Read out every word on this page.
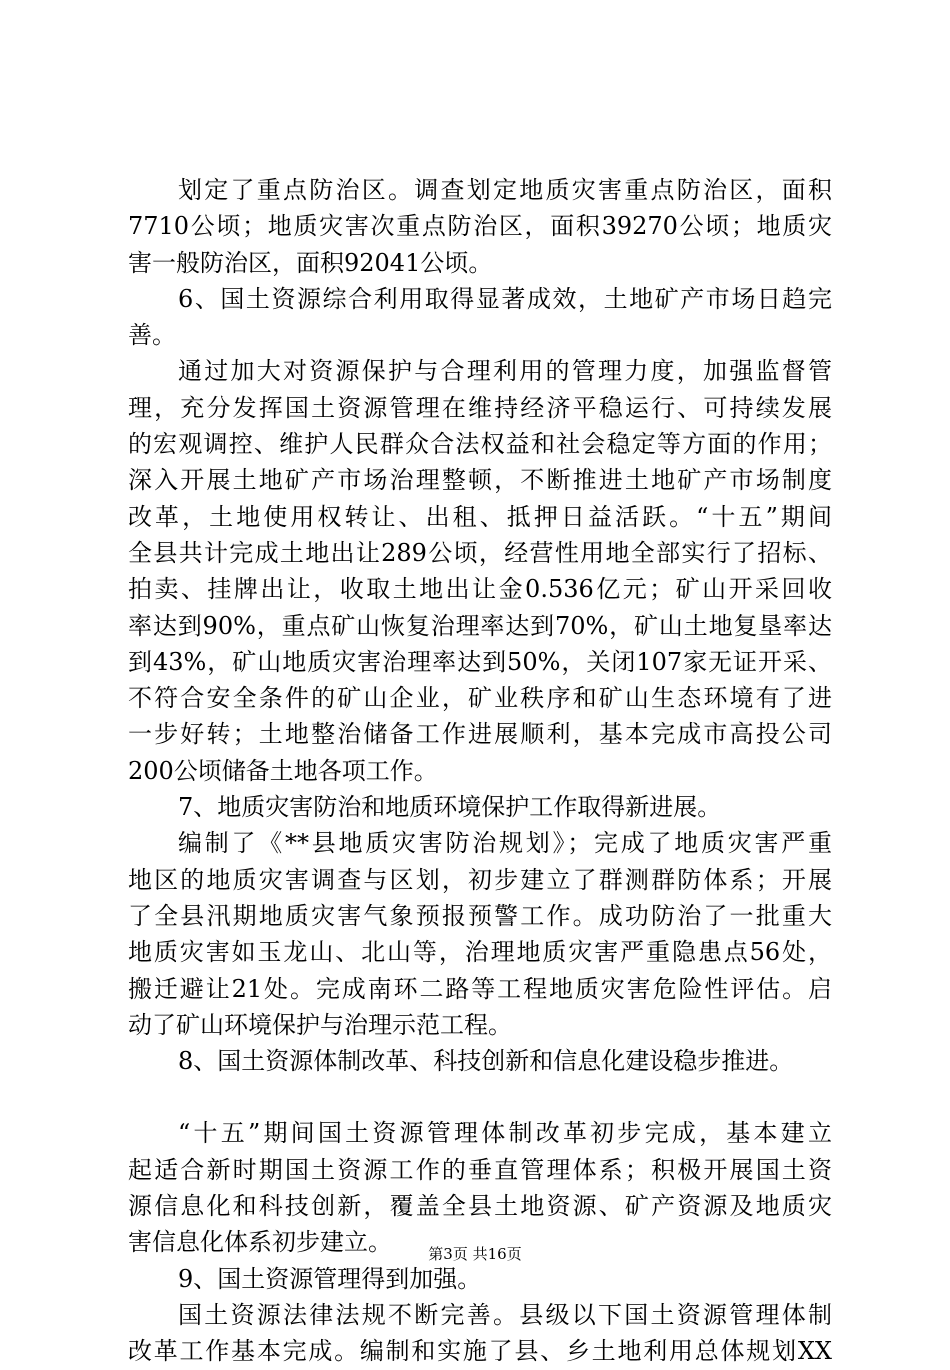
划定了重点防治区。调查划定地质灾害重点防治区，面积
7710公顷；地质灾害次重点防治区，面积39270公顷；地质灾
害一般防治区，面积92041公顷。
6、国土资源综合利用取得显著成效，土地矿产市场日趋完
善。
通过加大对资源保护与合理利用的管理力度，加强监督管
理，充分发挥国土资源管理在维持经济平稳运行、可持续发展
的宏观调控、维护人民群众合法权益和社会稳定等方面的作用；
深入开展土地矿产市场治理整顿，不断推进土地矿产市场制度
改革，土地使用权转让、出租、抵押日益活跃。“十五”期间
全县共计完成土地出让289公顷，经营性用地全部实行了招标、
拍卖、挂牌出让，收取土地出让金0.536亿元；矿山开采回收
率达到90%，重点矿山恢复治理率达到70%，矿山土地复垦率达
到43%，矿山地质灾害治理率达到50%，关闭107家无证开采、
不符合安全条件的矿山企业，矿业秩序和矿山生态环境有了进
一步好转；土地整治储备工作进展顺利，基本完成市高投公司
200公顷储备土地各项工作。
7、地质灾害防治和地质环境保护工作取得新进展。
编制了《**县地质灾害防治规划》；完成了地质灾害严重
地区的地质灾害调查与区划，初步建立了群测群防体系；开展
了全县汛期地质灾害气象预报预警工作。成功防治了一批重大
地质灾害如玉龙山、北山等，治理地质灾害严重隐患点56处，
搬迁避让21处。完成南环二路等工程地质灾害危险性评估。启
动了矿山环境保护与治理示范工程。
8、国土资源体制改革、科技创新和信息化建设稳步推进。
“十五”期间国土资源管理体制改革初步完成，基本建立
起适合新时期国土资源工作的垂直管理体系；积极开展国土资
源信息化和科技创新，覆盖全县土地资源、矿产资源及地质灾
害信息化体系初步建立。
9、国土资源管理得到加强。
国土资源法律法规不断完善。县级以下国土资源管理体制
改革工作基本完成。编制和实施了县、乡土地利用总体规划XX
第3页 共16页
